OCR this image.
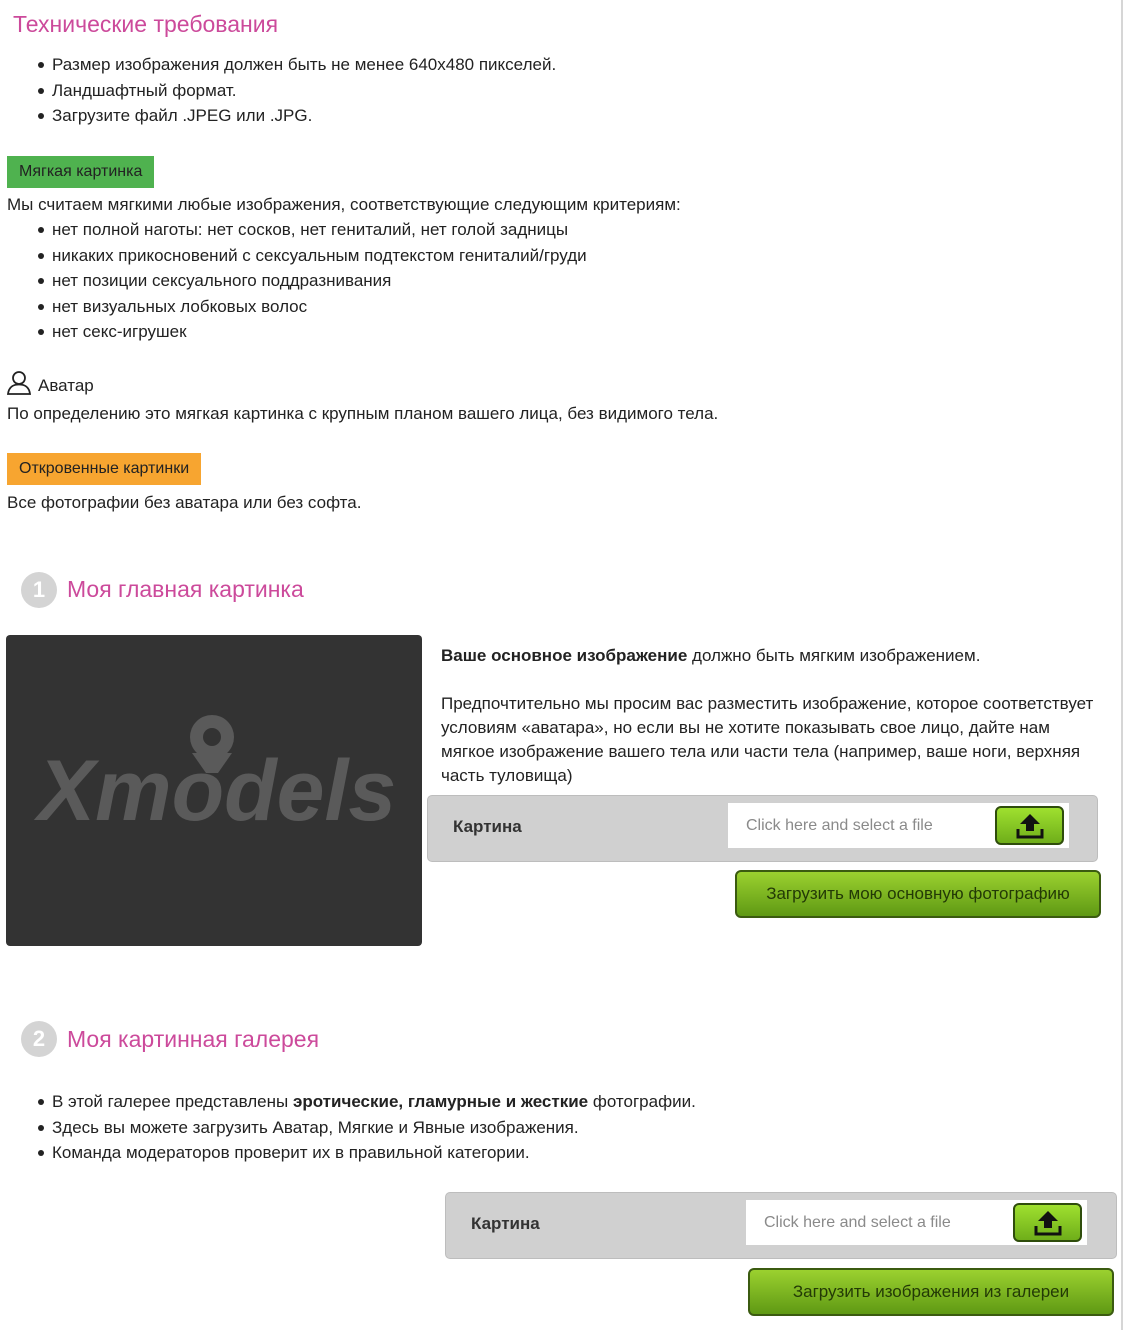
Технические требования
Размер изображения должен быть не менее 640x480 пикселей.
Ландшафтный формат.
Загрузите файл .JPEG или .JPG.
Мягкая картинка
Мы считаем мягкими любые изображения, соответствующие следующим критериям:
нет полной наготы: нет сосков, нет гениталий, нет голой задницы
никаких прикосновений с сексуальным подтекстом гениталий/груди
нет позиции сексуального поддразнивания
нет визуальных лобковых волос
нет секс-игрушек
Аватар
По определению это мягкая картинка с крупным планом вашего лица, без видимого тела.
Откровенные картинки
Все фотографии без аватара или без софта.
1 Моя главная картинка
Xmodels
Ваше основное изображение должно быть мягким изображением.
Предпочтительно мы просим вас разместить изображение, которое соответствует условиям «аватара», но если вы не хотите показывать свое лицо, дайте нам мягкое изображение вашего тела или части тела (например, ваше ноги, верхняя часть туловища)
Картина	Click here and select a file
Загрузить мою основную фотографию
2 Моя картинная галерея
В этой галерее представлены эротические, гламурные и жесткие фотографии.
Здесь вы можете загрузить Аватар, Мягкие и Явные изображения.
Команда модераторов проверит их в правильной категории.
Картина	Click here and select a file
Загрузить изображения из галереи
